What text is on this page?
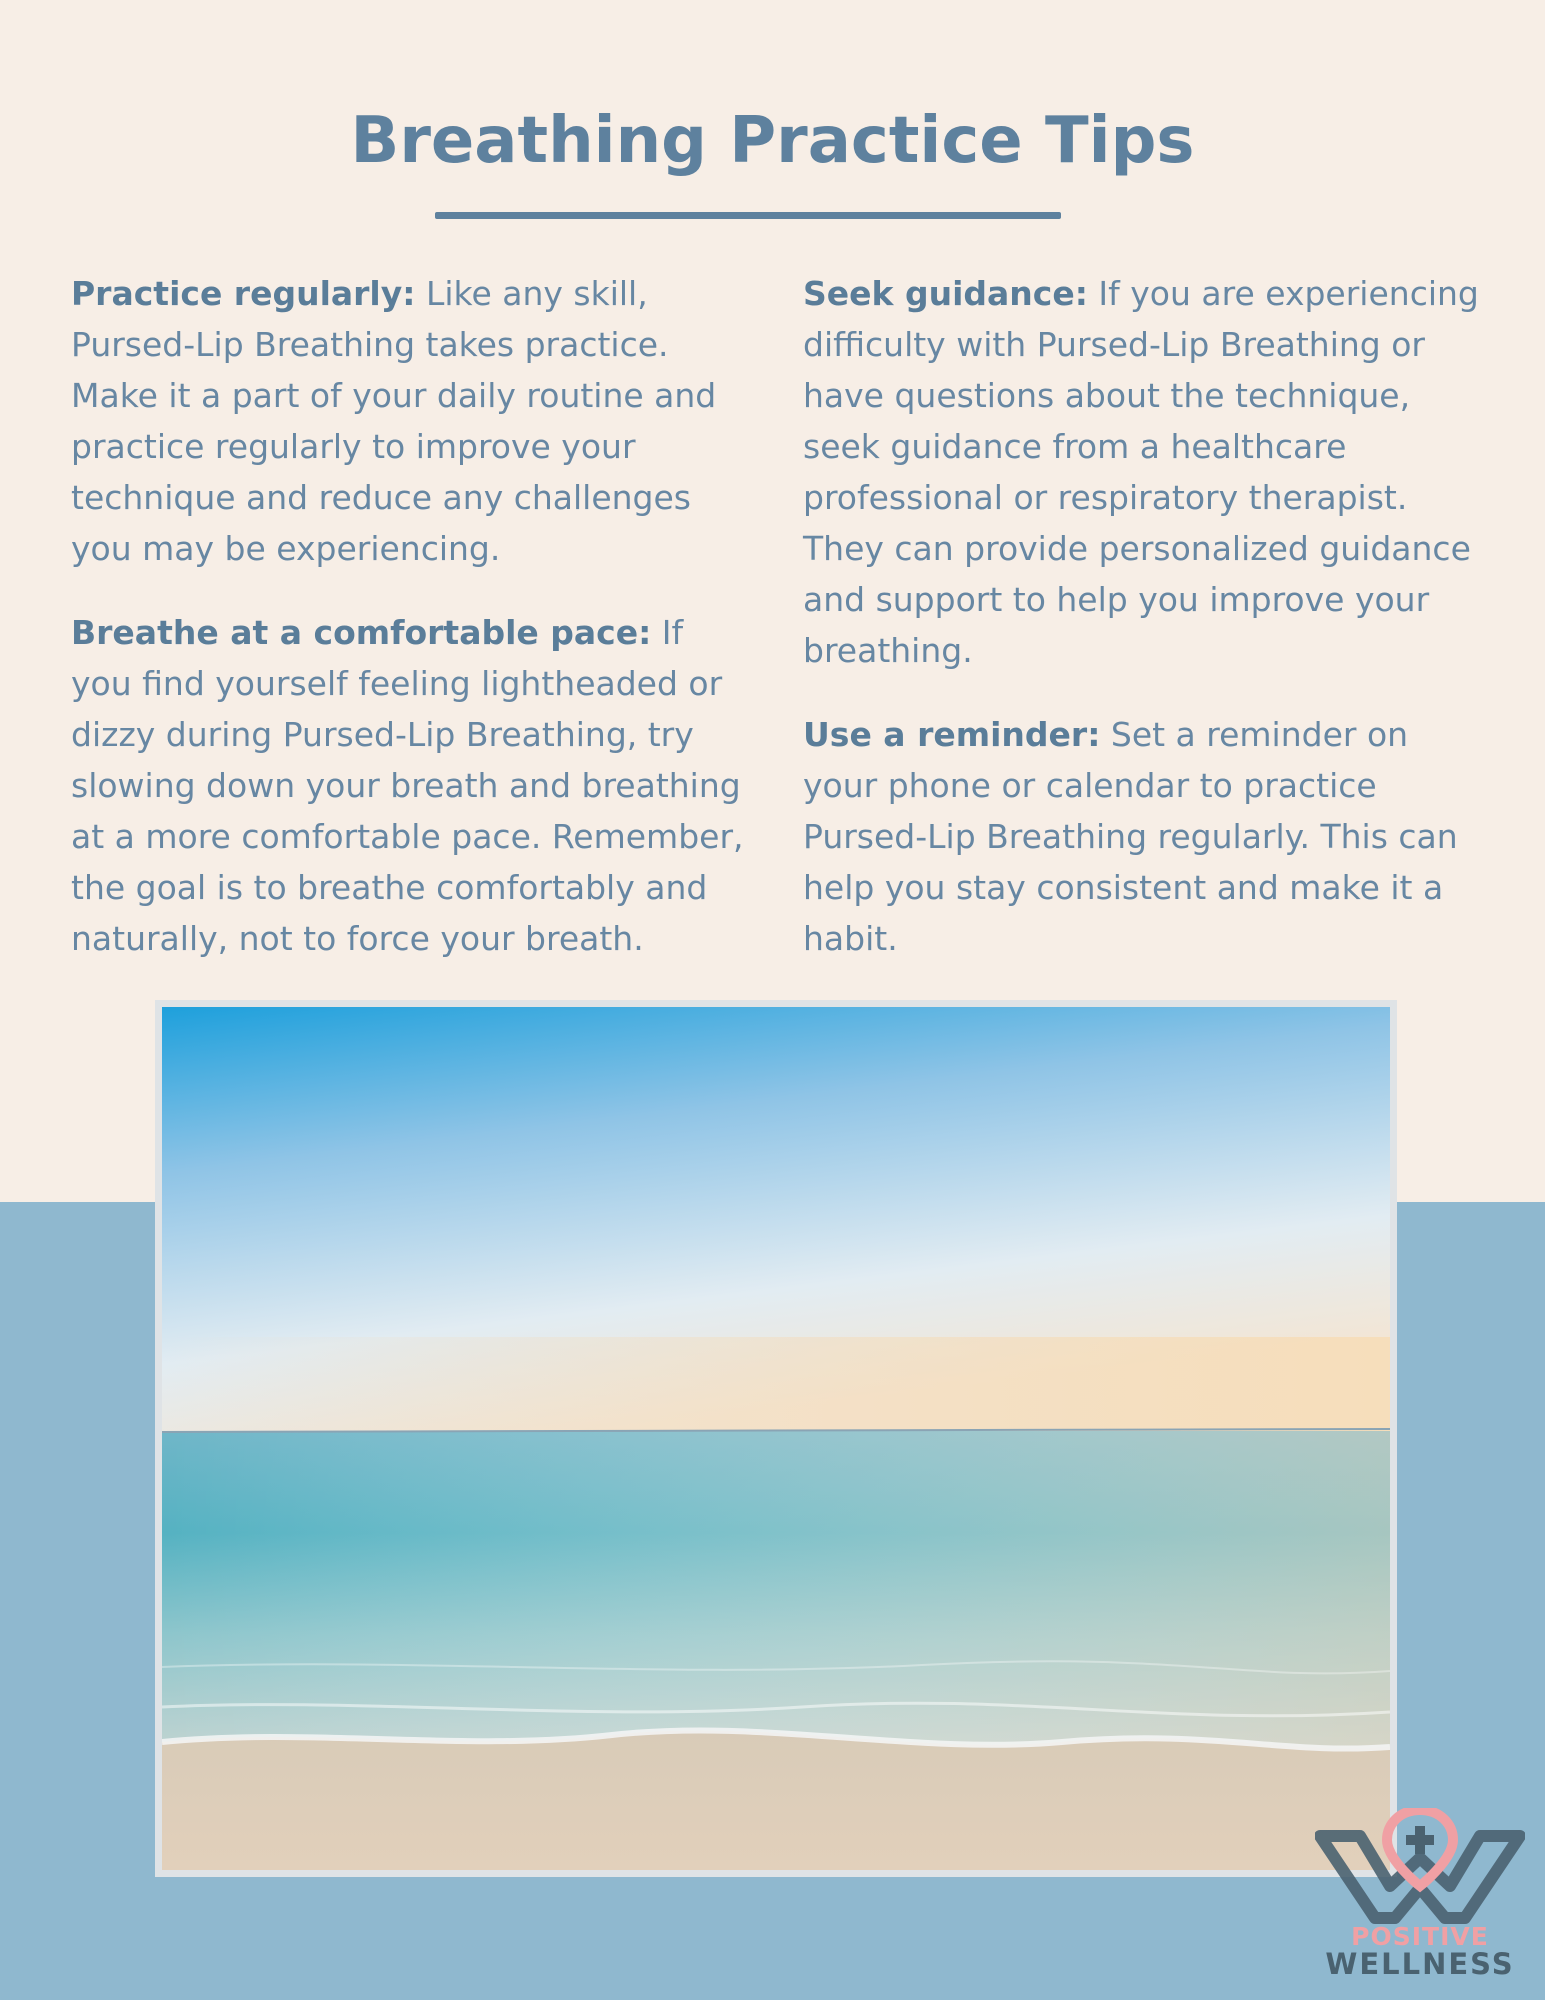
Breathing Practice Tips

Practice regularly: Like any skill, Pursed-Lip Breathing takes practice. Make it a part of your daily routine and practice regularly to improve your technique and reduce any challenges you may be experiencing.

Breathe at a comfortable pace: If you find yourself feeling lightheaded or dizzy during Pursed-Lip Breathing, try slowing down your breath and breathing at a more comfortable pace. Remember, the goal is to breathe comfortably and naturally, not to force your breath.

Seek guidance: If you are experiencing difficulty with Pursed-Lip Breathing or have questions about the technique, seek guidance from a healthcare professional or respiratory therapist. They can provide personalized guidance and support to help you improve your breathing.

Use a reminder: Set a reminder on your phone or calendar to practice Pursed-Lip Breathing regularly. This can help you stay consistent and make it a habit.

POSITIVE
WELLNESS
